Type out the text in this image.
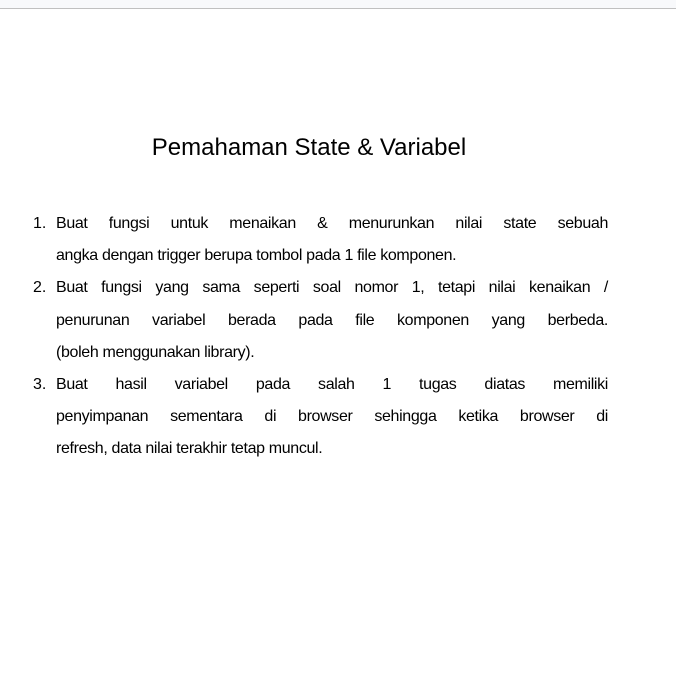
Pemahaman State & Variabel
1. Buat fungsi untuk menaikan & menurunkan nilai state sebuah
angka dengan trigger berupa tombol pada 1 file komponen.
2. Buat fungsi yang sama seperti soal nomor 1, tetapi nilai kenaikan /
penurunan variabel berada pada file komponen yang berbeda.
(boleh menggunakan library).
3. Buat hasil variabel pada salah 1 tugas diatas memiliki
penyimpanan sementara di browser sehingga ketika browser di
refresh, data nilai terakhir tetap muncul.
